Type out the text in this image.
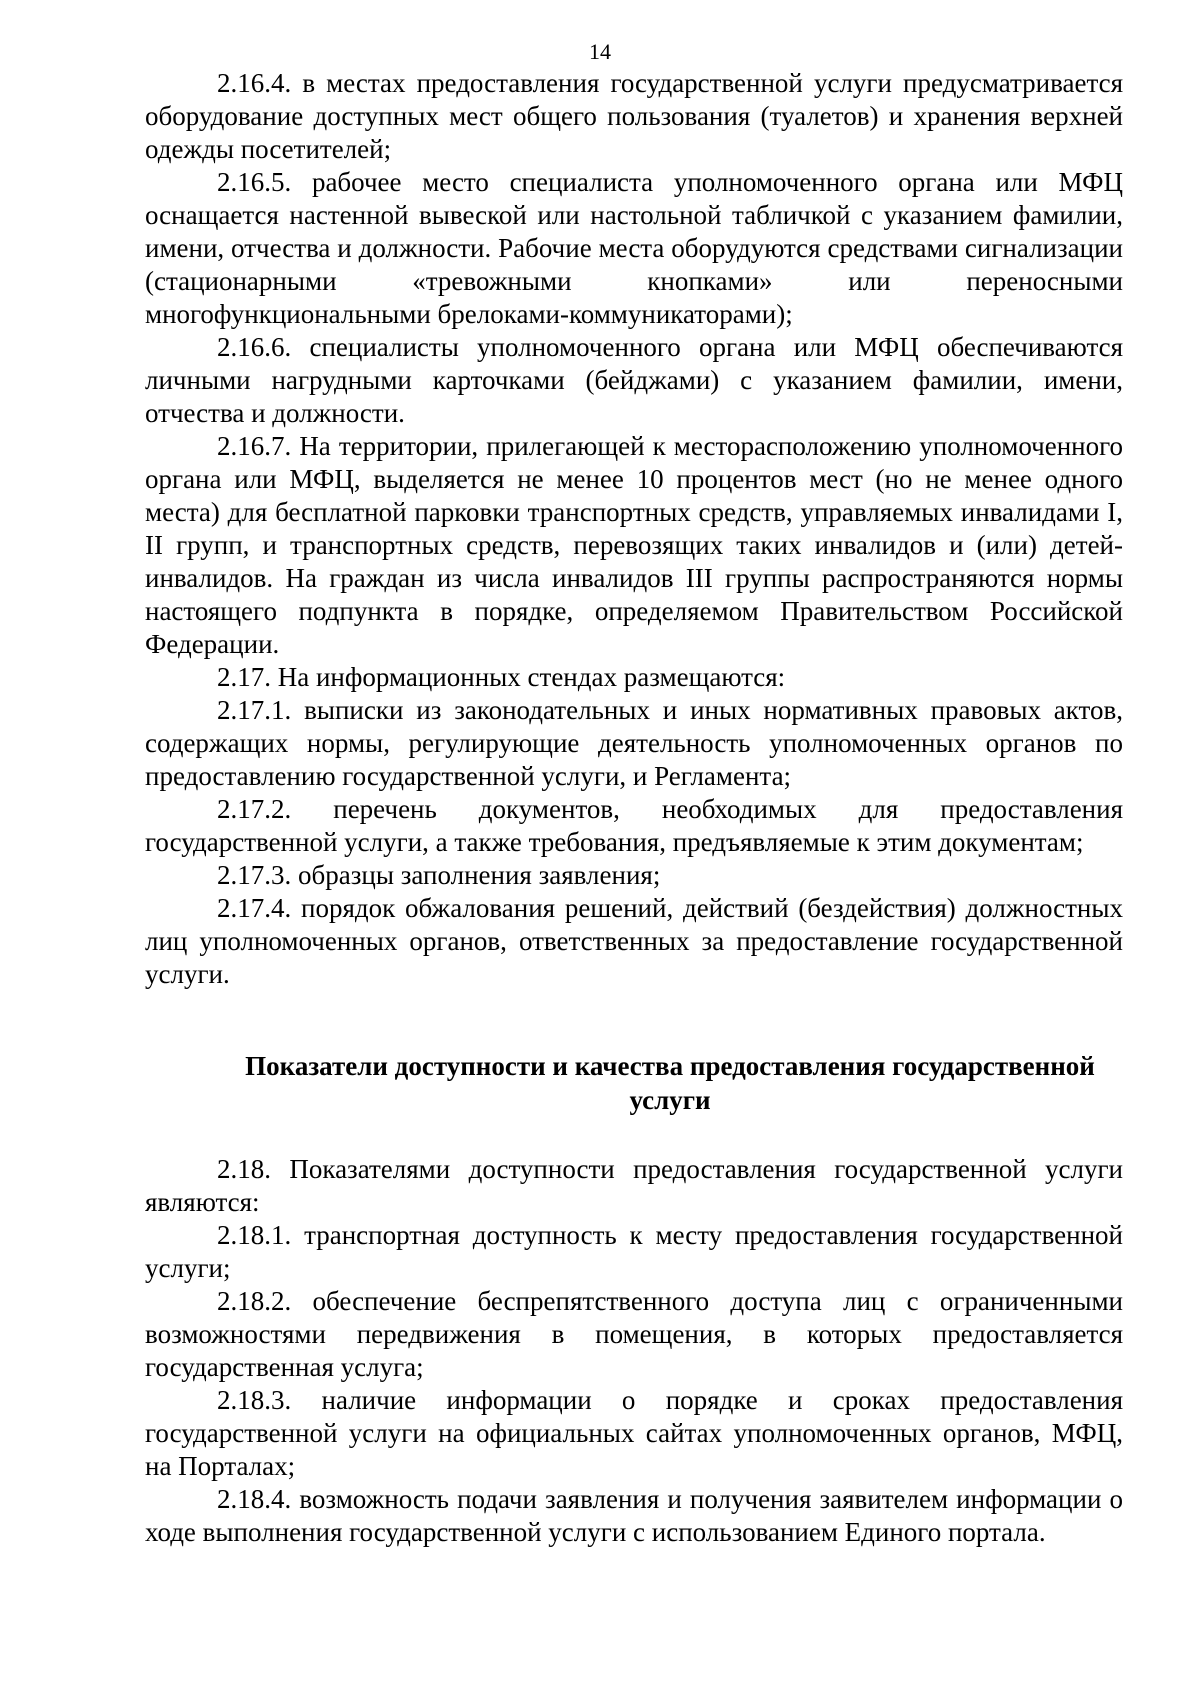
14

2.16.4. в местах предоставления государственной услуги предусматривается оборудование доступных мест общего пользования (туалетов) и хранения верхней одежды посетителей;

2.16.5. рабочее место специалиста уполномоченного органа или МФЦ оснащается настенной вывеской или настольной табличкой с указанием фамилии, имени, отчества и должности. Рабочие места оборудуются средствами сигнализации (стационарными «тревожными кнопками» или переносными многофункциональными брелоками-коммуникаторами);

2.16.6. специалисты уполномоченного органа или МФЦ обеспечиваются личными нагрудными карточками (бейджами) с указанием фамилии, имени, отчества и должности.

2.16.7. На территории, прилегающей к месторасположению уполномоченного органа или МФЦ, выделяется не менее 10 процентов мест (но не менее одного места) для бесплатной парковки транспортных средств, управляемых инвалидами I, II групп, и транспортных средств, перевозящих таких инвалидов и (или) детей-инвалидов. На граждан из числа инвалидов III группы распространяются нормы настоящего подпункта в порядке, определяемом Правительством Российской Федерации.

2.17. На информационных стендах размещаются:

2.17.1. выписки из законодательных и иных нормативных правовых актов, содержащих нормы, регулирующие деятельность уполномоченных органов по предоставлению государственной услуги, и Регламента;

2.17.2. перечень документов, необходимых для предоставления государственной услуги, а также требования, предъявляемые к этим документам;

2.17.3. образцы заполнения заявления;

2.17.4. порядок обжалования решений, действий (бездействия) должностных лиц уполномоченных органов, ответственных за предоставление государственной услуги.

Показатели доступности и качества предоставления государственной услуги

2.18. Показателями доступности предоставления государственной услуги являются:

2.18.1. транспортная доступность к месту предоставления государственной услуги;

2.18.2. обеспечение беспрепятственного доступа лиц с ограниченными возможностями передвижения в помещения, в которых предоставляется государственная услуга;

2.18.3. наличие информации о порядке и сроках предоставления государственной услуги на официальных сайтах уполномоченных органов, МФЦ, на Порталах;

2.18.4. возможность подачи заявления и получения заявителем информации о ходе выполнения государственной услуги с использованием Единого портала.
